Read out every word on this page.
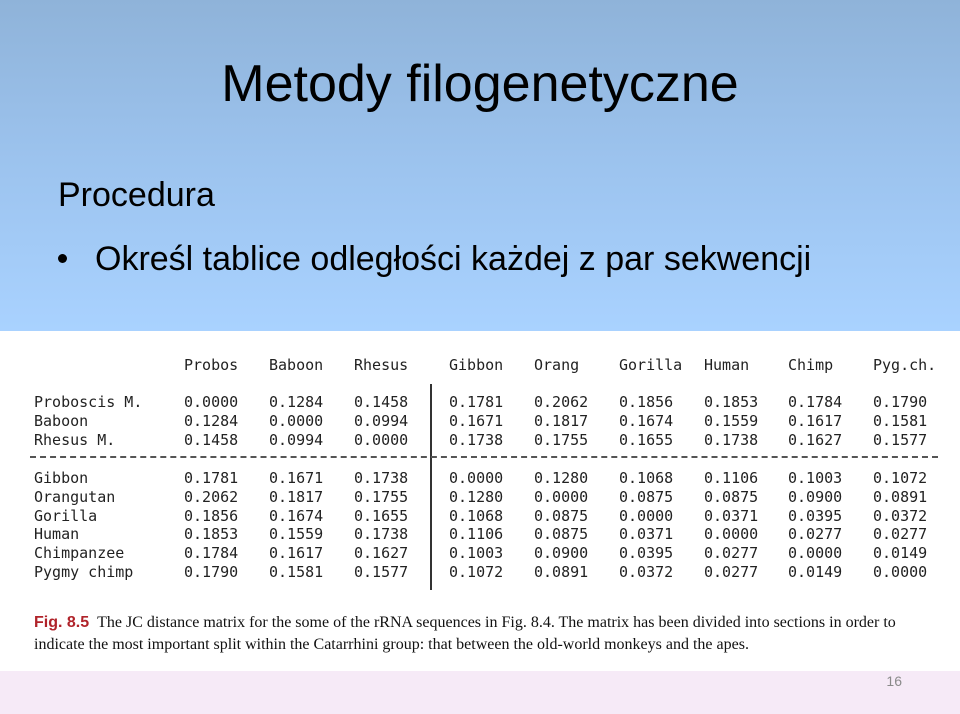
Metody filogenetyczne
Procedura
Określ tablice odległości każdej z par sekwencji
Probos Baboon Rhesus	Gibbon Orang	Gorilla Human	Chimp	Pyg.ch.
Proboscis M.	0.0000 0.1284 0.1458	0.1781 0.2062 0.1856 0.1853 0.1784 0.1790
Baboon	0.1284 0.0000 0.0994	0.1671 0.1817 0.1674 0.1559 0.1617 0.1581
Rhesus M.	0.1458 0.0994 0.0000	0.1738 0.1755 0.1655 0.1738 0.1627 0.1577
Gibbon	0.1781 0.1671 0.1738	0.0000 0.1280 0.1068 0.1106 0.1003 0.1072
Orangutan	0.2062 0.1817 0.1755	0.1280 0.0000 0.0875 0.0875 0.0900 0.0891
Gorilla	0.1856 0.1674 0.1655	0.1068 0.0875 0.0000 0.0371 0.0395 0.0372
Human	0.1853 0.1559 0.1738	0.1106 0.0875 0.0371 0.0000 0.0277 0.0277
Chimpanzee	0.1784 0.1617 0.1627	0.1003 0.0900 0.0395 0.0277 0.0000 0.0149
Pygmy chimp	0.1790 0.1581 0.1577	0.1072 0.0891 0.0372 0.0277 0.0149 0.0000
Fig. 8.5 The JC distance matrix for the some of the rRNA sequences in Fig. 8.4. The matrix has been divided into sections in order to indicate the most important split within the Catarrhini group: that between the old-world monkeys and the apes.
16
